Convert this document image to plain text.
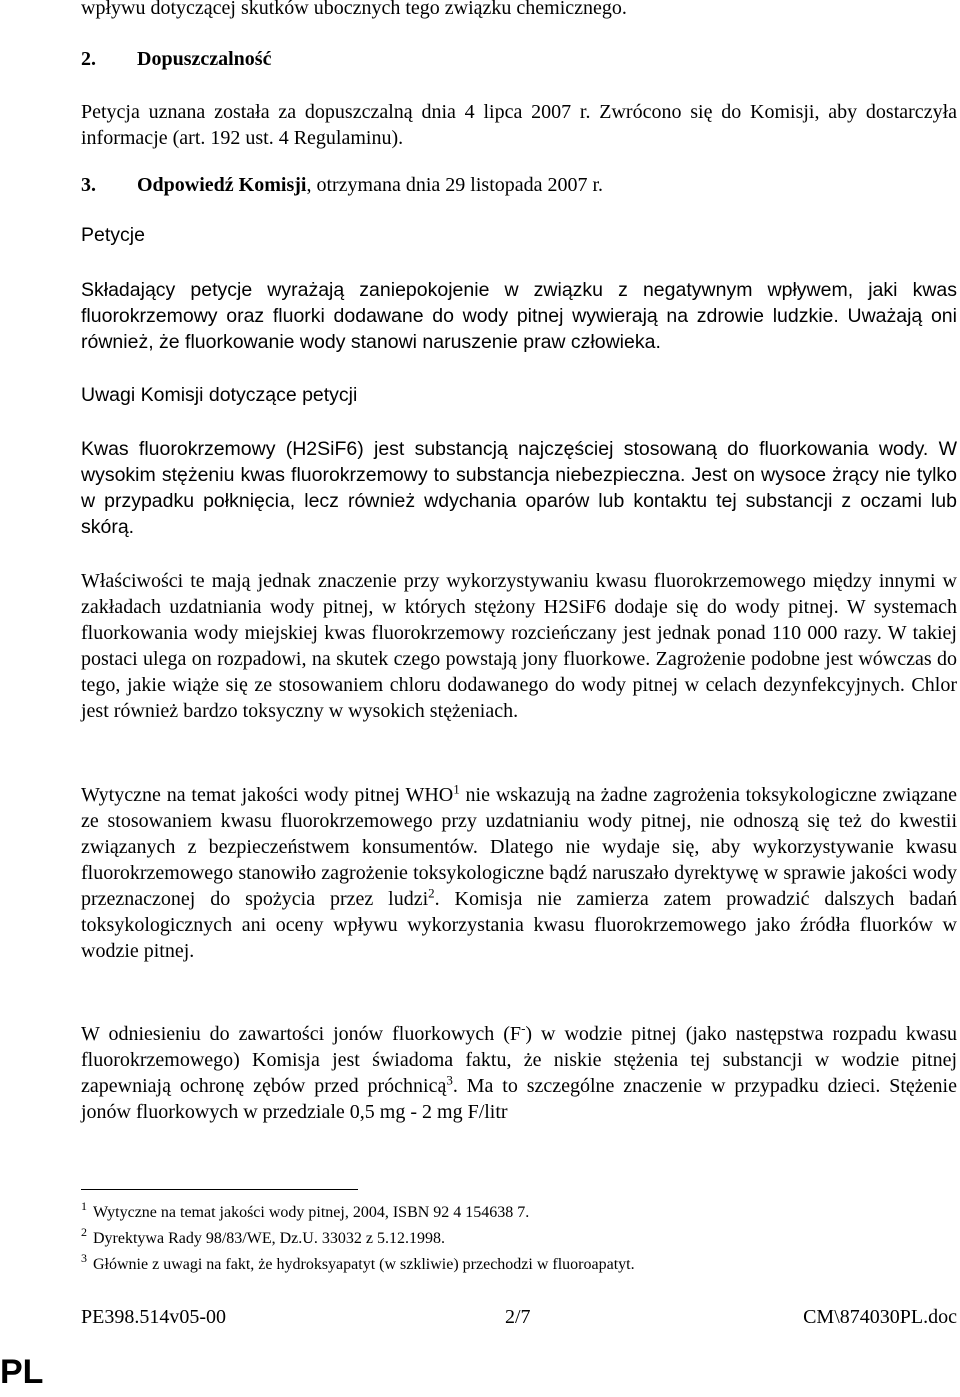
wpływu dotyczącej skutków ubocznych tego związku chemicznego.

2. Dopuszczalność

Petycja uznana została za dopuszczalną dnia 4 lipca 2007 r. Zwrócono się do Komisji, aby dostarczyła informacje (art. 192 ust. 4 Regulaminu).

3. Odpowiedź Komisji, otrzymana dnia 29 listopada 2007 r.

Petycje

Składający petycje wyrażają zaniepokojenie w związku z negatywnym wpływem, jaki kwas fluorokrzemowy oraz fluorki dodawane do wody pitnej wywierają na zdrowie ludzkie. Uważają oni również, że fluorkowanie wody stanowi naruszenie praw człowieka.

Uwagi Komisji dotyczące petycji

Kwas fluorokrzemowy (H2SiF6) jest substancją najczęściej stosowaną do fluorkowania wody. W wysokim stężeniu kwas fluorokrzemowy to substancja niebezpieczna. Jest on wysoce żrący nie tylko w przypadku połknięcia, lecz również wdychania oparów lub kontaktu tej substancji z oczami lub skórą.

Właściwości te mają jednak znaczenie przy wykorzystywaniu kwasu fluorokrzemowego między innymi w zakładach uzdatniania wody pitnej, w których stężony H2SiF6 dodaje się do wody pitnej. W systemach fluorkowania wody miejskiej kwas fluorokrzemowy rozcieńczany jest jednak ponad 110 000 razy. W takiej postaci ulega on rozpadowi, na skutek czego powstają jony fluorkowe. Zagrożenie podobne jest wówczas do tego, jakie wiąże się ze stosowaniem chloru dodawanego do wody pitnej w celach dezynfekcyjnych. Chlor jest również bardzo toksyczny w wysokich stężeniach.

Wytyczne na temat jakości wody pitnej WHO$^1$ nie wskazują na żadne zagrożenia toksykologiczne związane ze stosowaniem kwasu fluorokrzemowego przy uzdatnianiu wody pitnej, nie odnoszą się też do kwestii związanych z bezpieczeństwem konsumentów. Dlatego nie wydaje się, aby wykorzystywanie kwasu fluorokrzemowego stanowiło zagrożenie toksykologiczne bądź naruszało dyrektywę w sprawie jakości wody przeznaczonej do spożycia przez ludzi$^2$. Komisja nie zamierza zatem prowadzić dalszych badań toksykologicznych ani oceny wpływu wykorzystania kwasu fluorokrzemowego jako źródła fluorków w wodzie pitnej.

W odniesieniu do zawartości jonów fluorkowych (F-) w wodzie pitnej (jako następstwa rozpadu kwasu fluorokrzemowego) Komisja jest świadoma faktu, że niskie stężenia tej substancji w wodzie pitnej zapewniają ochronę zębów przed próchnicą$^3$. Ma to szczególne znaczenie w przypadku dzieci. Stężenie jonów fluorkowych w przedziale 0,5 mg - 2 mg F/litr

$^1$ Wytyczne na temat jakości wody pitnej, 2004, ISBN 92 4 154638 7.
$^2$ Dyrektywa Rady 98/83/WE, Dz.U. 33032 z 5.12.1998.
$^3$ Głównie z uwagi na fakt, że hydroksyapatyt (w szkliwie) przechodzi w fluoroapatyt.
PE398.514v05-00	2/7	CM\874030PL.doc
PL
